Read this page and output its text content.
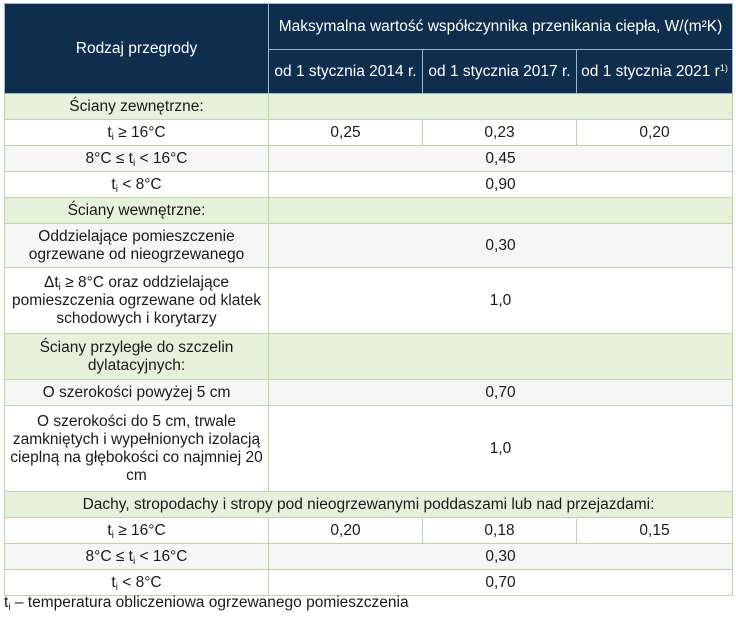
Rodzaj przegrody	Maksymalna wartość współczynnika przenikania ciepła, W/(m²K)		
	od 1 stycznia 2014 r.	od 1 stycznia 2017 r.	od 1 stycznia 2021 $r^{1)}$
Ściany zewnętrzne:			
$t_i \ge 16^\circ C$	0,25	0,23	0,20
$8^\circ C \le t_i < 16^\circ C$	0,45		
$t_i < 8^\circ C$	0,90		
Ściany wewnętrzne:			
Oddzielające pomieszczenie ogrzewane od nieogrzewanego	0,30		
$\Delta t_i \ge 8^\circ C$ oraz oddzielające pomieszczenia ogrzewane od klatek schodowych i korytarzy	1,0		
Ściany przyległe do szczelin dylatacyjnych:			
O szerokości powyżej 5 cm	0,70		
O szerokości do 5 cm, trwale zamkniętych i wypełnionych izolacją cieplną na głębokości co najmniej 20 cm	1,0		
Dachy, stropodachy i stropy pod nieogrzewanymi poddaszami lub nad przejazdami:			
$t_i \ge 16^\circ C$	0,20	0,18	0,15
$8^\circ C \le t_i < 16^\circ C$	0,30		
$t_i < 8^\circ C$	0,70		
$t_i$ – temperatura obliczeniowa ogrzewanego pomieszczenia
